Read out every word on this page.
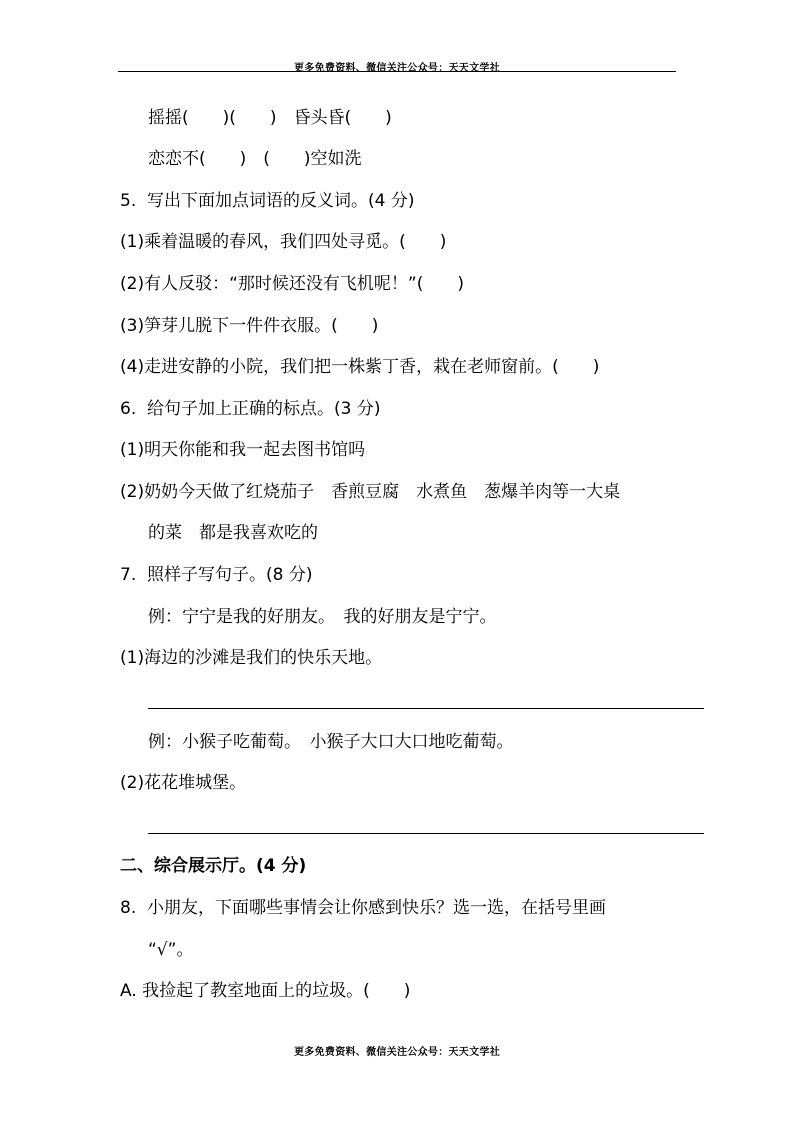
更多免费资料、微信关注公众号：天天文学社
摇摇(　　)(　　)　昏头昏(　　)
恋恋不(　　)　(　　)空如洗
5.  写出下面加点词语的反义词。(4 分)
(1)乘着温暖的春风，我们四处寻觅。(　　)
(2)有人反驳：“那时候还没有飞机呢！”(　　)
(3)笋芽儿脱下一件件衣服。(　　)
(4)走进安静的小院，我们把一株紫丁香，栽在老师窗前。(　　)
6.  给句子加上正确的标点。(3 分)
(1)明天你能和我一起去图书馆吗
(2)奶奶今天做了红烧茄子　香煎豆腐　水煮鱼　葱爆羊肉等一大桌
的菜　都是我喜欢吃的
7.  照样子写句子。(8 分)
例：宁宁是我的好朋友。　我的好朋友是宁宁。
(1)海边的沙滩是我们的快乐天地。
例：小猴子吃葡萄。　小猴子大口大口地吃葡萄。
(2)花花堆城堡。
二、综合展示厅。(4 分)
8.  小朋友，下面哪些事情会让你感到快乐？选一选，在括号里画
“√”。
A. 我捡起了教室地面上的垃圾。(　　)
更多免费资料、微信关注公众号：天天文学社
